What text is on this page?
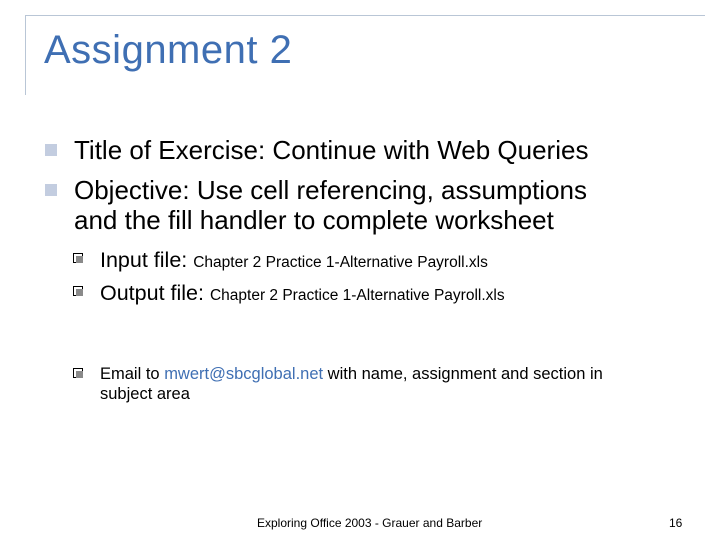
Assignment 2
Title of Exercise: Continue with Web Queries
Objective: Use cell referencing, assumptions
and the fill handler to complete worksheet
Input file: Chapter 2 Practice 1-Alternative Payroll.xls
Output file: Chapter 2 Practice 1-Alternative Payroll.xls
Email to mwert@sbcglobal.net with name, assignment and section in
subject area
Exploring Office 2003 - Grauer and Barber	16
